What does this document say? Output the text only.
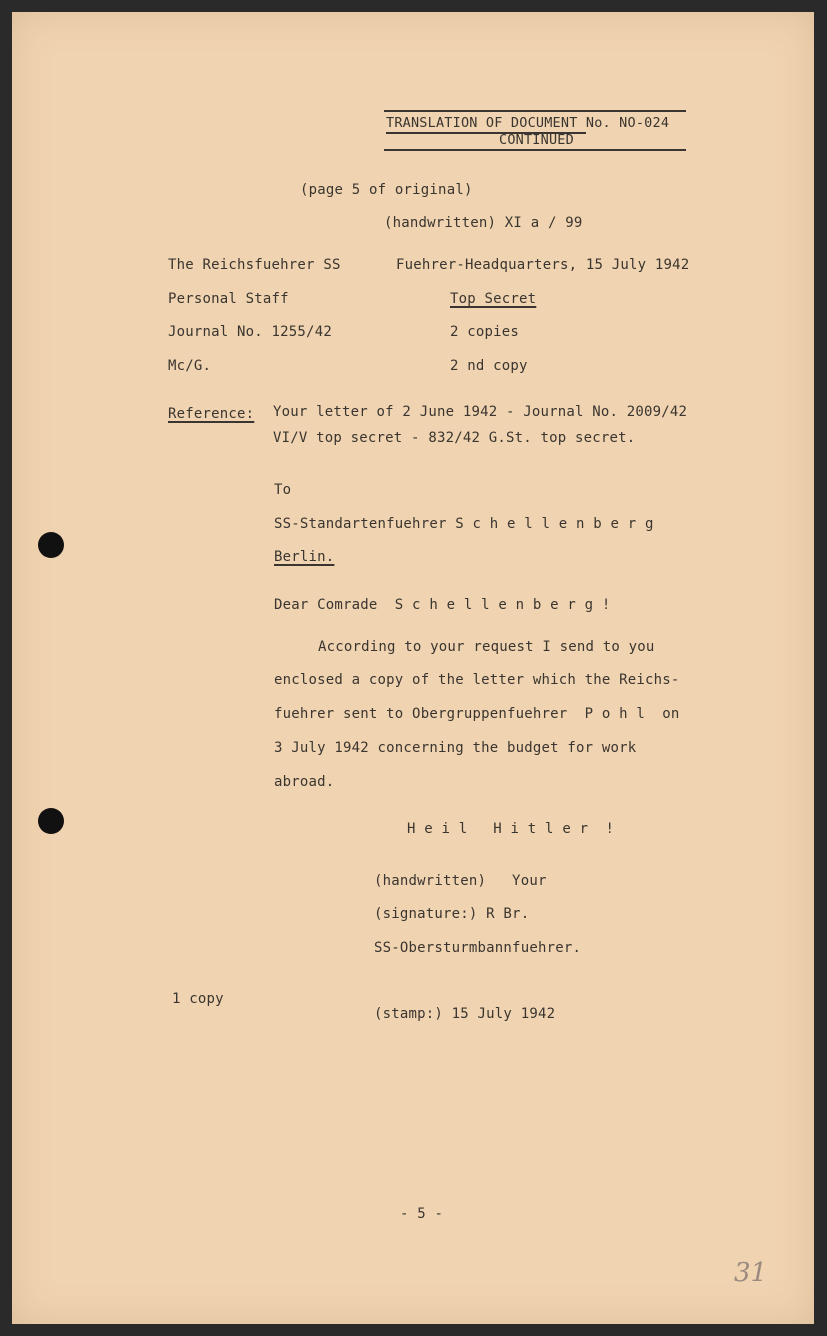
TRANSLATION OF DOCUMENT No. NO-024
CONTINUED
(page 5 of original)
(handwritten) XI a / 99
The Reichsfuehrer SS	Fuehrer-Headquarters, 15 July 1942
Personal Staff	Top Secret
Journal No. 1255/42	2 copies
Mc/G.	2 nd copy
Reference: Your letter of 2 June 1942 - Journal No. 2009/42
VI/V top secret - 832/42 G.St. top secret.
To
SS-Standartenfuehrer S c h e l l e n b e r g
Berlin.
Dear Comrade  S c h e l l e n b e r g !
According to your request I send to you
enclosed a copy of the letter which the Reichs-
fuehrer sent to Obergruppenfuehrer  P o h l  on
3 July 1942 concerning the budget for work
abroad.
H e i l   H i t l e r  !
(handwritten)   Your
(signature:) R Br.
SS-Obersturmbannfuehrer.
1 copy
(stamp:) 15 July 1942
- 5 -
31
